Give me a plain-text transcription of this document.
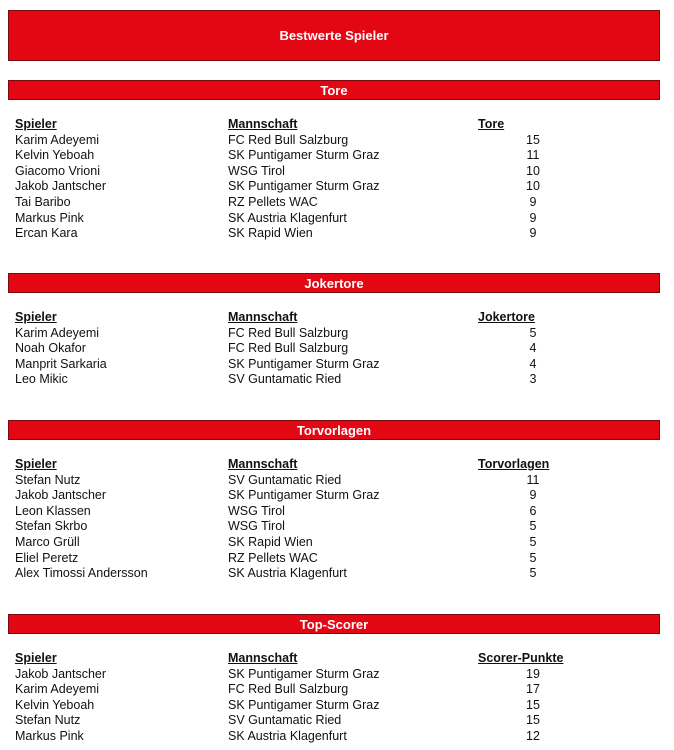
Bestwerte Spieler
Tore
Spieler	Mannschaft	Tore
Karim Adeyemi	FC Red Bull Salzburg	15
Kelvin Yeboah	SK Puntigamer Sturm Graz	11
Giacomo Vrioni	WSG Tirol	10
Jakob Jantscher	SK Puntigamer Sturm Graz	10
Tai Baribo	RZ Pellets WAC	9
Markus Pink	SK Austria Klagenfurt	9
Ercan Kara	SK Rapid Wien	9
Jokertore
Spieler	Mannschaft	Jokertore
Karim Adeyemi	FC Red Bull Salzburg	5
Noah Okafor	FC Red Bull Salzburg	4
Manprit Sarkaria	SK Puntigamer Sturm Graz	4
Leo Mikic	SV Guntamatic Ried	3
Torvorlagen
Spieler	Mannschaft	Torvorlagen
Stefan Nutz	SV Guntamatic Ried	11
Jakob Jantscher	SK Puntigamer Sturm Graz	9
Leon Klassen	WSG Tirol	6
Stefan Skrbo	WSG Tirol	5
Marco Grüll	SK Rapid Wien	5
Eliel Peretz	RZ Pellets WAC	5
Alex Timossi Andersson	SK Austria Klagenfurt	5
Top-Scorer
Spieler	Mannschaft	Scorer-Punkte
Jakob Jantscher	SK Puntigamer Sturm Graz	19
Karim Adeyemi	FC Red Bull Salzburg	17
Kelvin Yeboah	SK Puntigamer Sturm Graz	15
Stefan Nutz	SV Guntamatic Ried	15
Markus Pink	SK Austria Klagenfurt	12
